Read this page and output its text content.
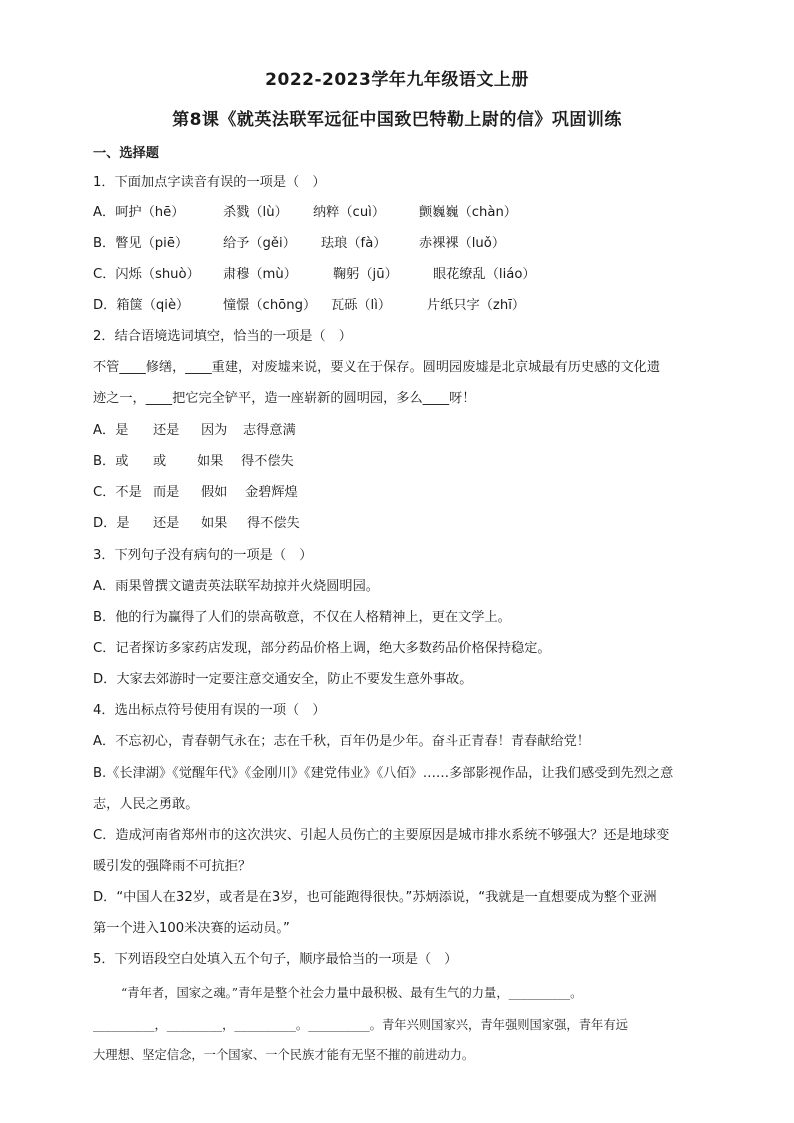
2022-2023学年九年级语文上册
第8课《就英法联军远征中国致巴特勒上尉的信》巩固训练
一、选择题
1．下面加点字读音有误的一项是（　）
A．呵护（hē）	杀戮（lù） 纳粹（cuì）	颤巍巍（chàn）
B．瞥见（piē）	给予（gěi） 珐琅（fà） 赤裸裸（luǒ）
C．闪烁（shuò） 肃穆（mù）	鞠躬（jū）	眼花缭乱（liáo）
D．箱箧（qiè）	憧憬（chōng） 瓦砾（lì）	片纸只字（zhī）
2．结合语境选词填空，恰当的一项是（　）
不管____修缮，____重建，对废墟来说，要义在于保存。圆明园废墟是北京城最有历史感的文化遗
迹之一，____把它完全铲平，造一座崭新的圆明园，多么____呀！
A．是 还是 因为 志得意满
B．或 或 如果 得不偿失
C．不是 而是 假如 金碧辉煌
D．是 还是 如果 得不偿失
3．下列句子没有病句的一项是（　）
A．雨果曾撰文谴责英法联军劫掠并火烧圆明园。
B．他的行为赢得了人们的崇高敬意，不仅在人格精神上，更在文学上。
C．记者探访多家药店发现，部分药品价格上调，绝大多数药品价格保持稳定。
D．大家去郊游时一定要注意交通安全，防止不要发生意外事故。
4．选出标点符号使用有误的一项（　）
A．不忘初心，青春朝气永在；志在千秋，百年仍是少年。奋斗正青春！青春献给党！
B.《长津湖》《觉醒年代》《金刚川》《建党伟业》《八佰》……多部影视作品，让我们感受到先烈之意
志，人民之勇敢。
C．造成河南省郑州市的这次洪灾、引起人员伤亡的主要原因是城市排水系统不够强大？还是地球变
暖引发的强降雨不可抗拒？
D．“中国人在32岁，或者是在3岁，也可能跑得很快。”苏炳添说，“我就是一直想要成为整个亚洲
第一个进入100米决赛的运动员。”
5．下列语段空白处填入五个句子，顺序最恰当的一项是（　）
“青年者，国家之魂。”青年是整个社会力量中最积极、最有生气的力量，__________。
__________，_________，__________。__________。青年兴则国家兴，青年强则国家强，青年有远
大理想、坚定信念，一个国家、一个民族才能有无坚不摧的前进动力。
